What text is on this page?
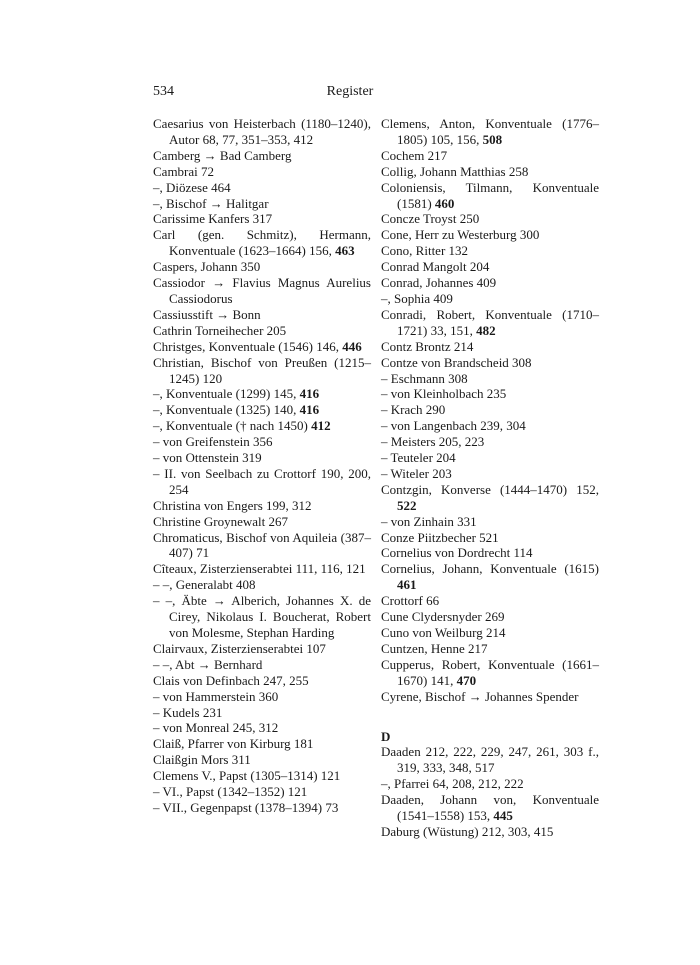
534	Register
Caesarius von Heisterbach (1180–1240), Autor 68, 77, 351–353, 412
Camberg → Bad Camberg
Cambrai 72
–, Diözese 464
–, Bischof → Halitgar
Carissime Kanfers 317
Carl (gen. Schmitz), Hermann, Konventuale (1623–1664) 156, 463
Caspers, Johann 350
Cassiodor → Flavius Magnus Aurelius Cassiodorus
Cassiusstift → Bonn
Cathrin Torneihecher 205
Christges, Konventuale (1546) 146, 446
Christian, Bischof von Preußen (1215–1245) 120
–, Konventuale (1299) 145, 416
–, Konventuale (1325) 140, 416
–, Konventuale († nach 1450) 412
– von Greifenstein 356
– von Ottenstein 319
– II. von Seelbach zu Crottorf 190, 200, 254
Christina von Engers 199, 312
Christine Groynewalt 267
Chromaticus, Bischof von Aquileia (387–407) 71
Cîteaux, Zisterzienserabtei 111, 116, 121
– –, Generalabt 408
– –, Äbte → Alberich, Johannes X. de Cirey, Nikolaus I. Boucherat, Robert von Molesme, Stephan Harding
Clairvaux, Zisterzienserabtei 107
– –, Abt → Bernhard
Clais von Definbach 247, 255
– von Hammerstein 360
– Kudels 231
– von Monreal 245, 312
Claiß, Pfarrer von Kirburg 181
Claißgin Mors 311
Clemens V., Papst (1305–1314) 121
– VI., Papst (1342–1352) 121
– VII., Gegenpapst (1378–1394) 73
Clemens, Anton, Konventuale (1776–1805) 105, 156, 508
Cochem 217
Collig, Johann Matthias 258
Coloniensis, Tilmann, Konventuale (1581) 460
Concze Troyst 250
Cone, Herr zu Westerburg 300
Cono, Ritter 132
Conrad Mangolt 204
Conrad, Johannes 409
–, Sophia 409
Conradi, Robert, Konventuale (1710–1721) 33, 151, 482
Contz Brontz 214
Contze von Brandscheid 308
– Eschmann 308
– von Kleinholbach 235
– Krach 290
– von Langenbach 239, 304
– Meisters 205, 223
– Teuteler 204
– Witeler 203
Contzgin, Konverse (1444–1470) 152, 522
– von Zinhain 331
Conze Piitzbecher 521
Cornelius von Dordrecht 114
Cornelius, Johann, Konventuale (1615) 461
Crottorf 66
Cune Clydersnyder 269
Cuno von Weilburg 214
Cuntzen, Henne 217
Cupperus, Robert, Konventuale (1661–1670) 141, 470
Cyrene, Bischof → Johannes Spender
D
Daaden 212, 222, 229, 247, 261, 303 f., 319, 333, 348, 517
–, Pfarrei 64, 208, 212, 222
Daaden, Johann von, Konventuale (1541–1558) 153, 445
Daburg (Wüstung) 212, 303, 415
